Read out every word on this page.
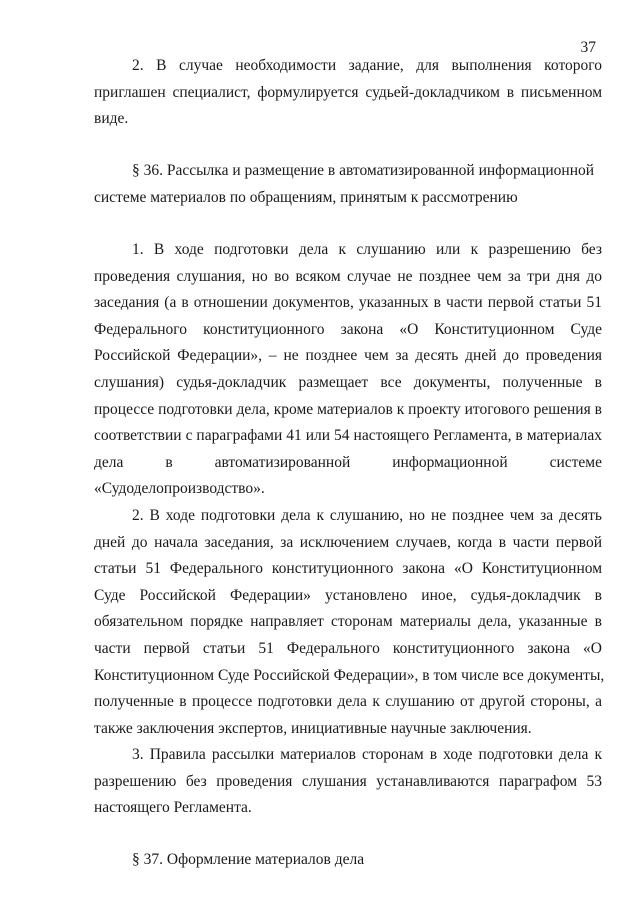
37
2. В случае необходимости задание, для выполнения которого
приглашен специалист, формулируется судьей-докладчиком в письменном
виде.
§ 36. Рассылка и размещение в автоматизированной информационной
системе материалов по обращениям, принятым к рассмотрению
1. В ходе подготовки дела к слушанию или к разрешению без
проведения слушания, но во всяком случае не позднее чем за три дня до
заседания (а в отношении документов, указанных в части первой статьи 51
Федерального конституционного закона «О Конституционном Суде
Российской Федерации», – не позднее чем за десять дней до проведения
слушания) судья-докладчик размещает все документы, полученные в
процессе подготовки дела, кроме материалов к проекту итогового решения в
соответствии с параграфами 41 или 54 настоящего Регламента, в материалах
дела в автоматизированной информационной системе
«Судоделопроизводство».
2. В ходе подготовки дела к слушанию, но не позднее чем за десять
дней до начала заседания, за исключением случаев, когда в части первой
статьи 51 Федерального конституционного закона «О Конституционном
Суде Российской Федерации» установлено иное, судья-докладчик в
обязательном порядке направляет сторонам материалы дела, указанные в
части первой статьи 51 Федерального конституционного закона «О
Конституционном Суде Российской Федерации», в том числе все документы,
полученные в процессе подготовки дела к слушанию от другой стороны, а
также заключения экспертов, инициативные научные заключения.
3. Правила рассылки материалов сторонам в ходе подготовки дела к
разрешению без проведения слушания устанавливаются параграфом 53
настоящего Регламента.
§ 37. Оформление материалов дела
